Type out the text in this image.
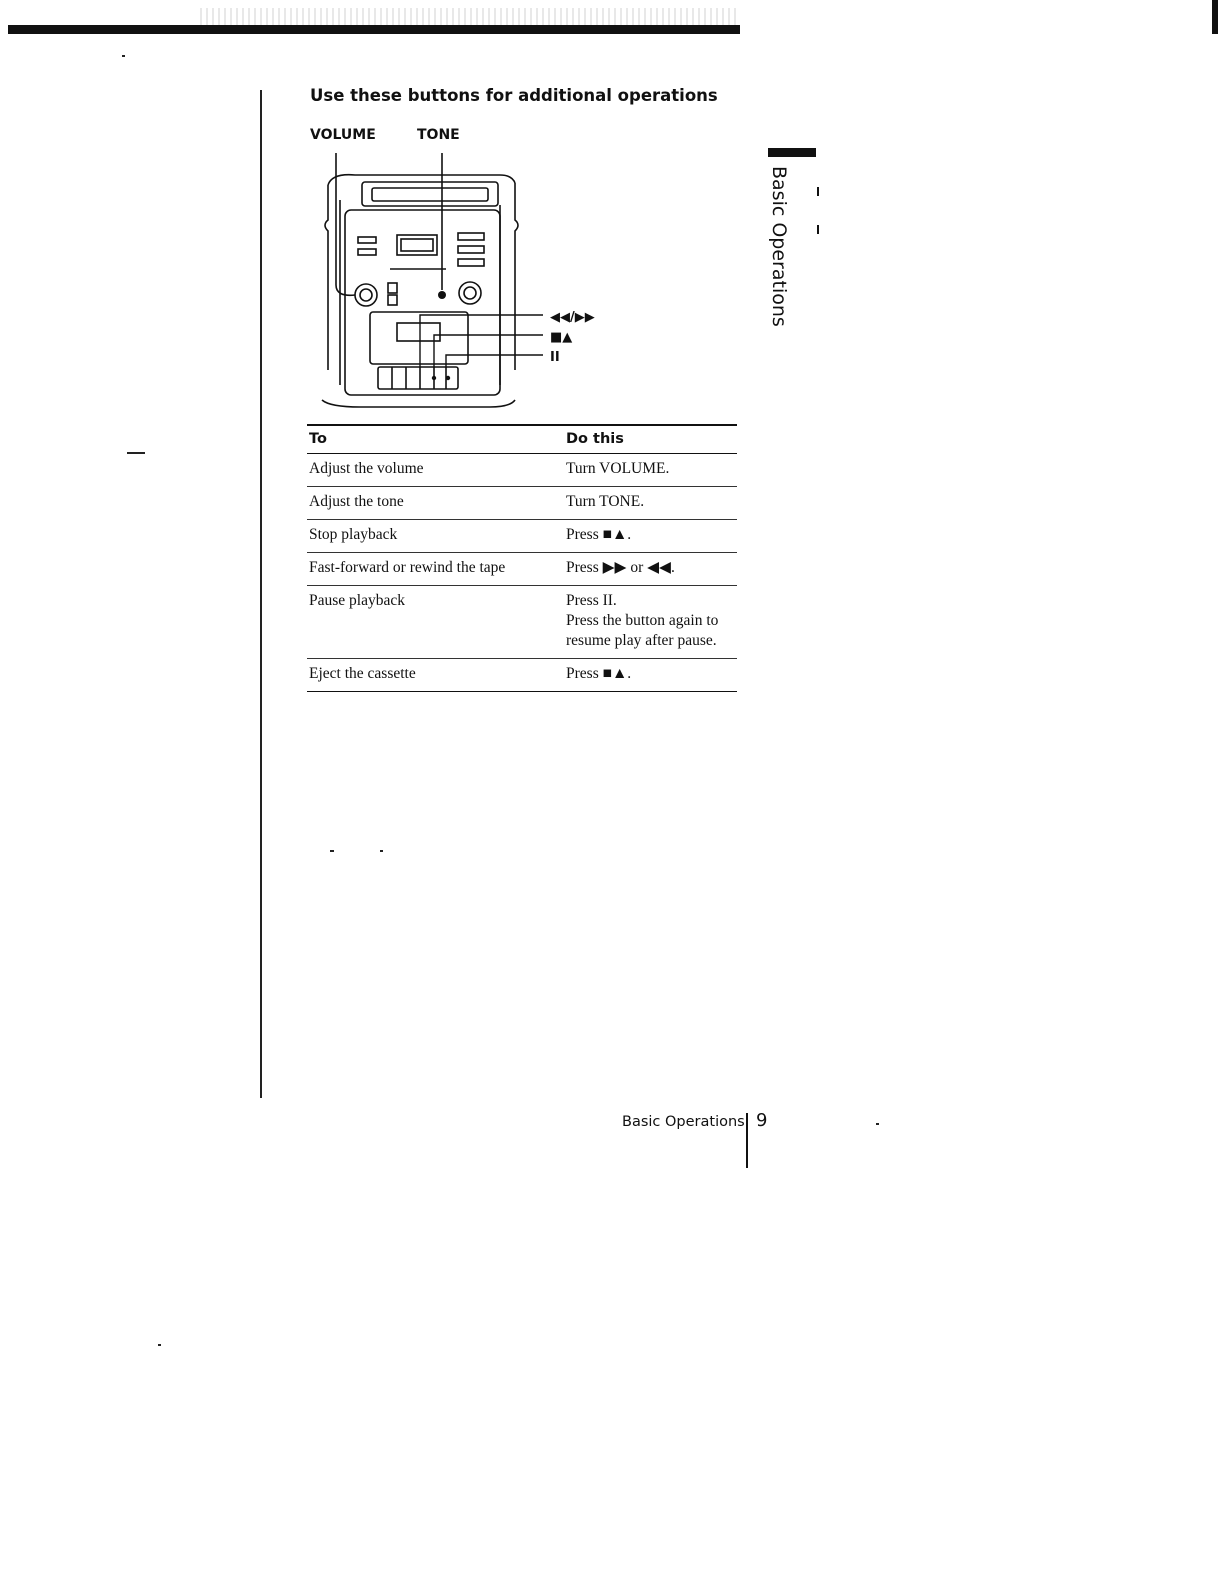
Use these buttons for additional operations
VOLUME	TONE
Basic Operations
◀◀/▶▶
■▲
II
To	Do this
Adjust the volume	Turn VOLUME.
Adjust the tone	Turn TONE.
Stop playback	Press ■▲.
Fast-forward or rewind the tape	Press ▶▶ or ◀◀.
Pause playback	Press II.
Press the button again to resume play after pause.

Eject the cassette	Press ■▲.
Basic Operations 9
